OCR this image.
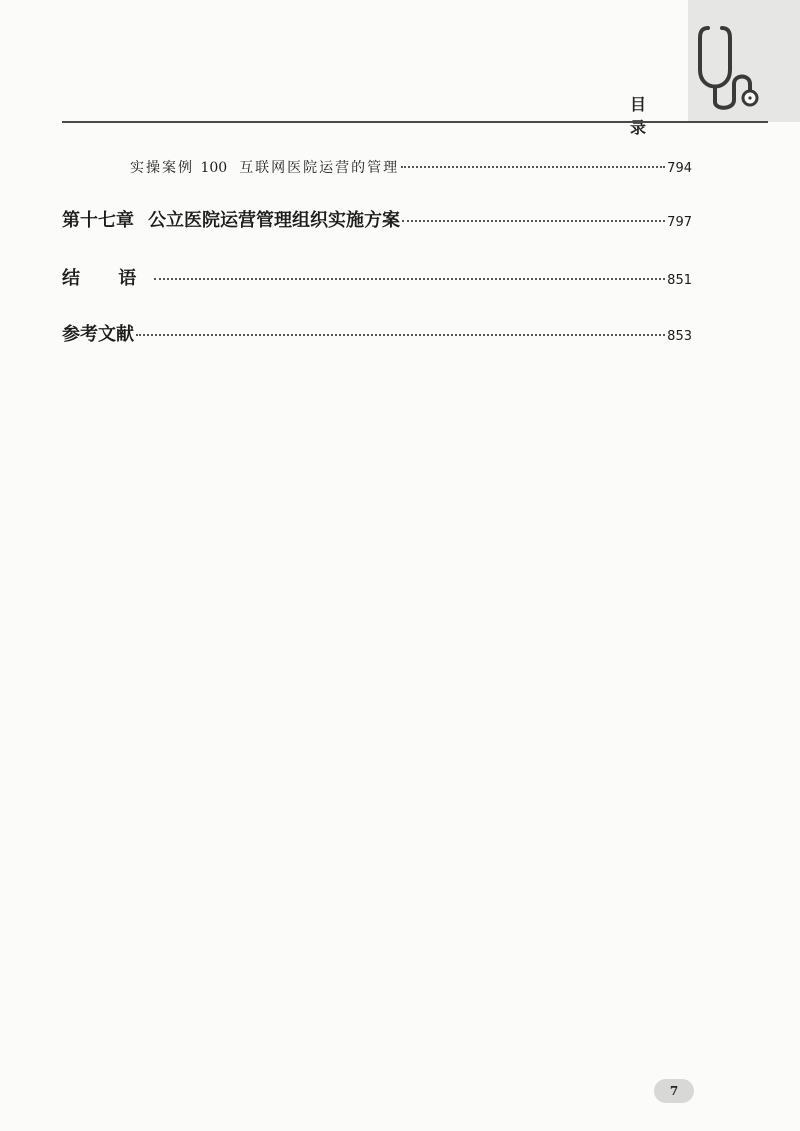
目 录
实操案例 100 互联网医院运营的管理	794
第十七章 公立医院运营管理组织实施方案	797
结 语	851
参考文献	853
7
